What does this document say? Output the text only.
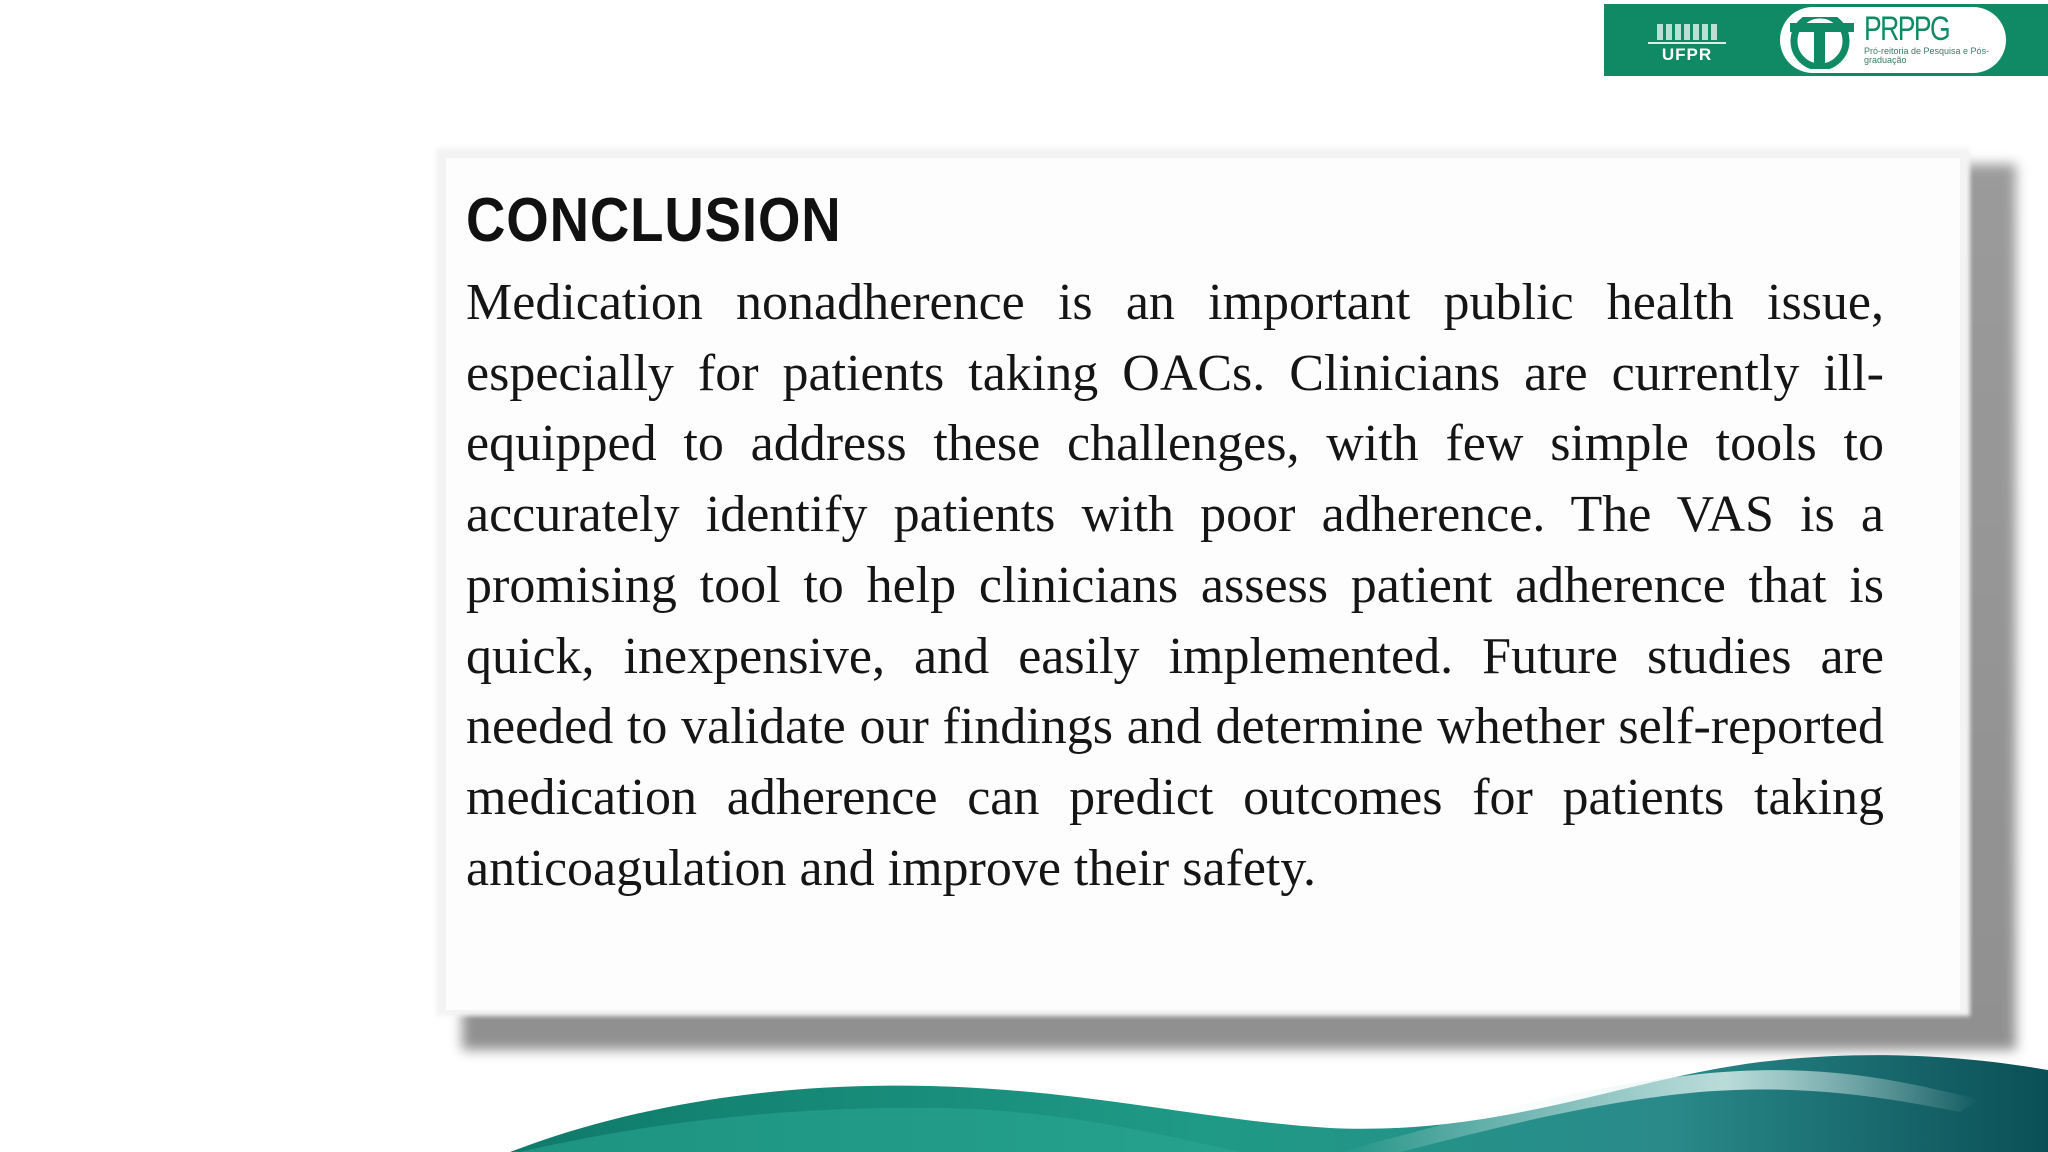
UFPR
PRPPG
Pró-reitoria de Pesquisa e Pós-graduação
CONCLUSION

Medication nonadherence is an important public health issue, especially for patients taking OACs. Clinicians are currently ill-equipped to address these challenges, with few simple tools to accurately identify patients with poor adherence. The VAS is a promising tool to help clinicians assess patient adherence that is quick, inexpensive, and easily implemented. Future studies are needed to validate our findings and determine whether self-reported medication adherence can predict outcomes for patients taking anticoagulation and improve their safety.
